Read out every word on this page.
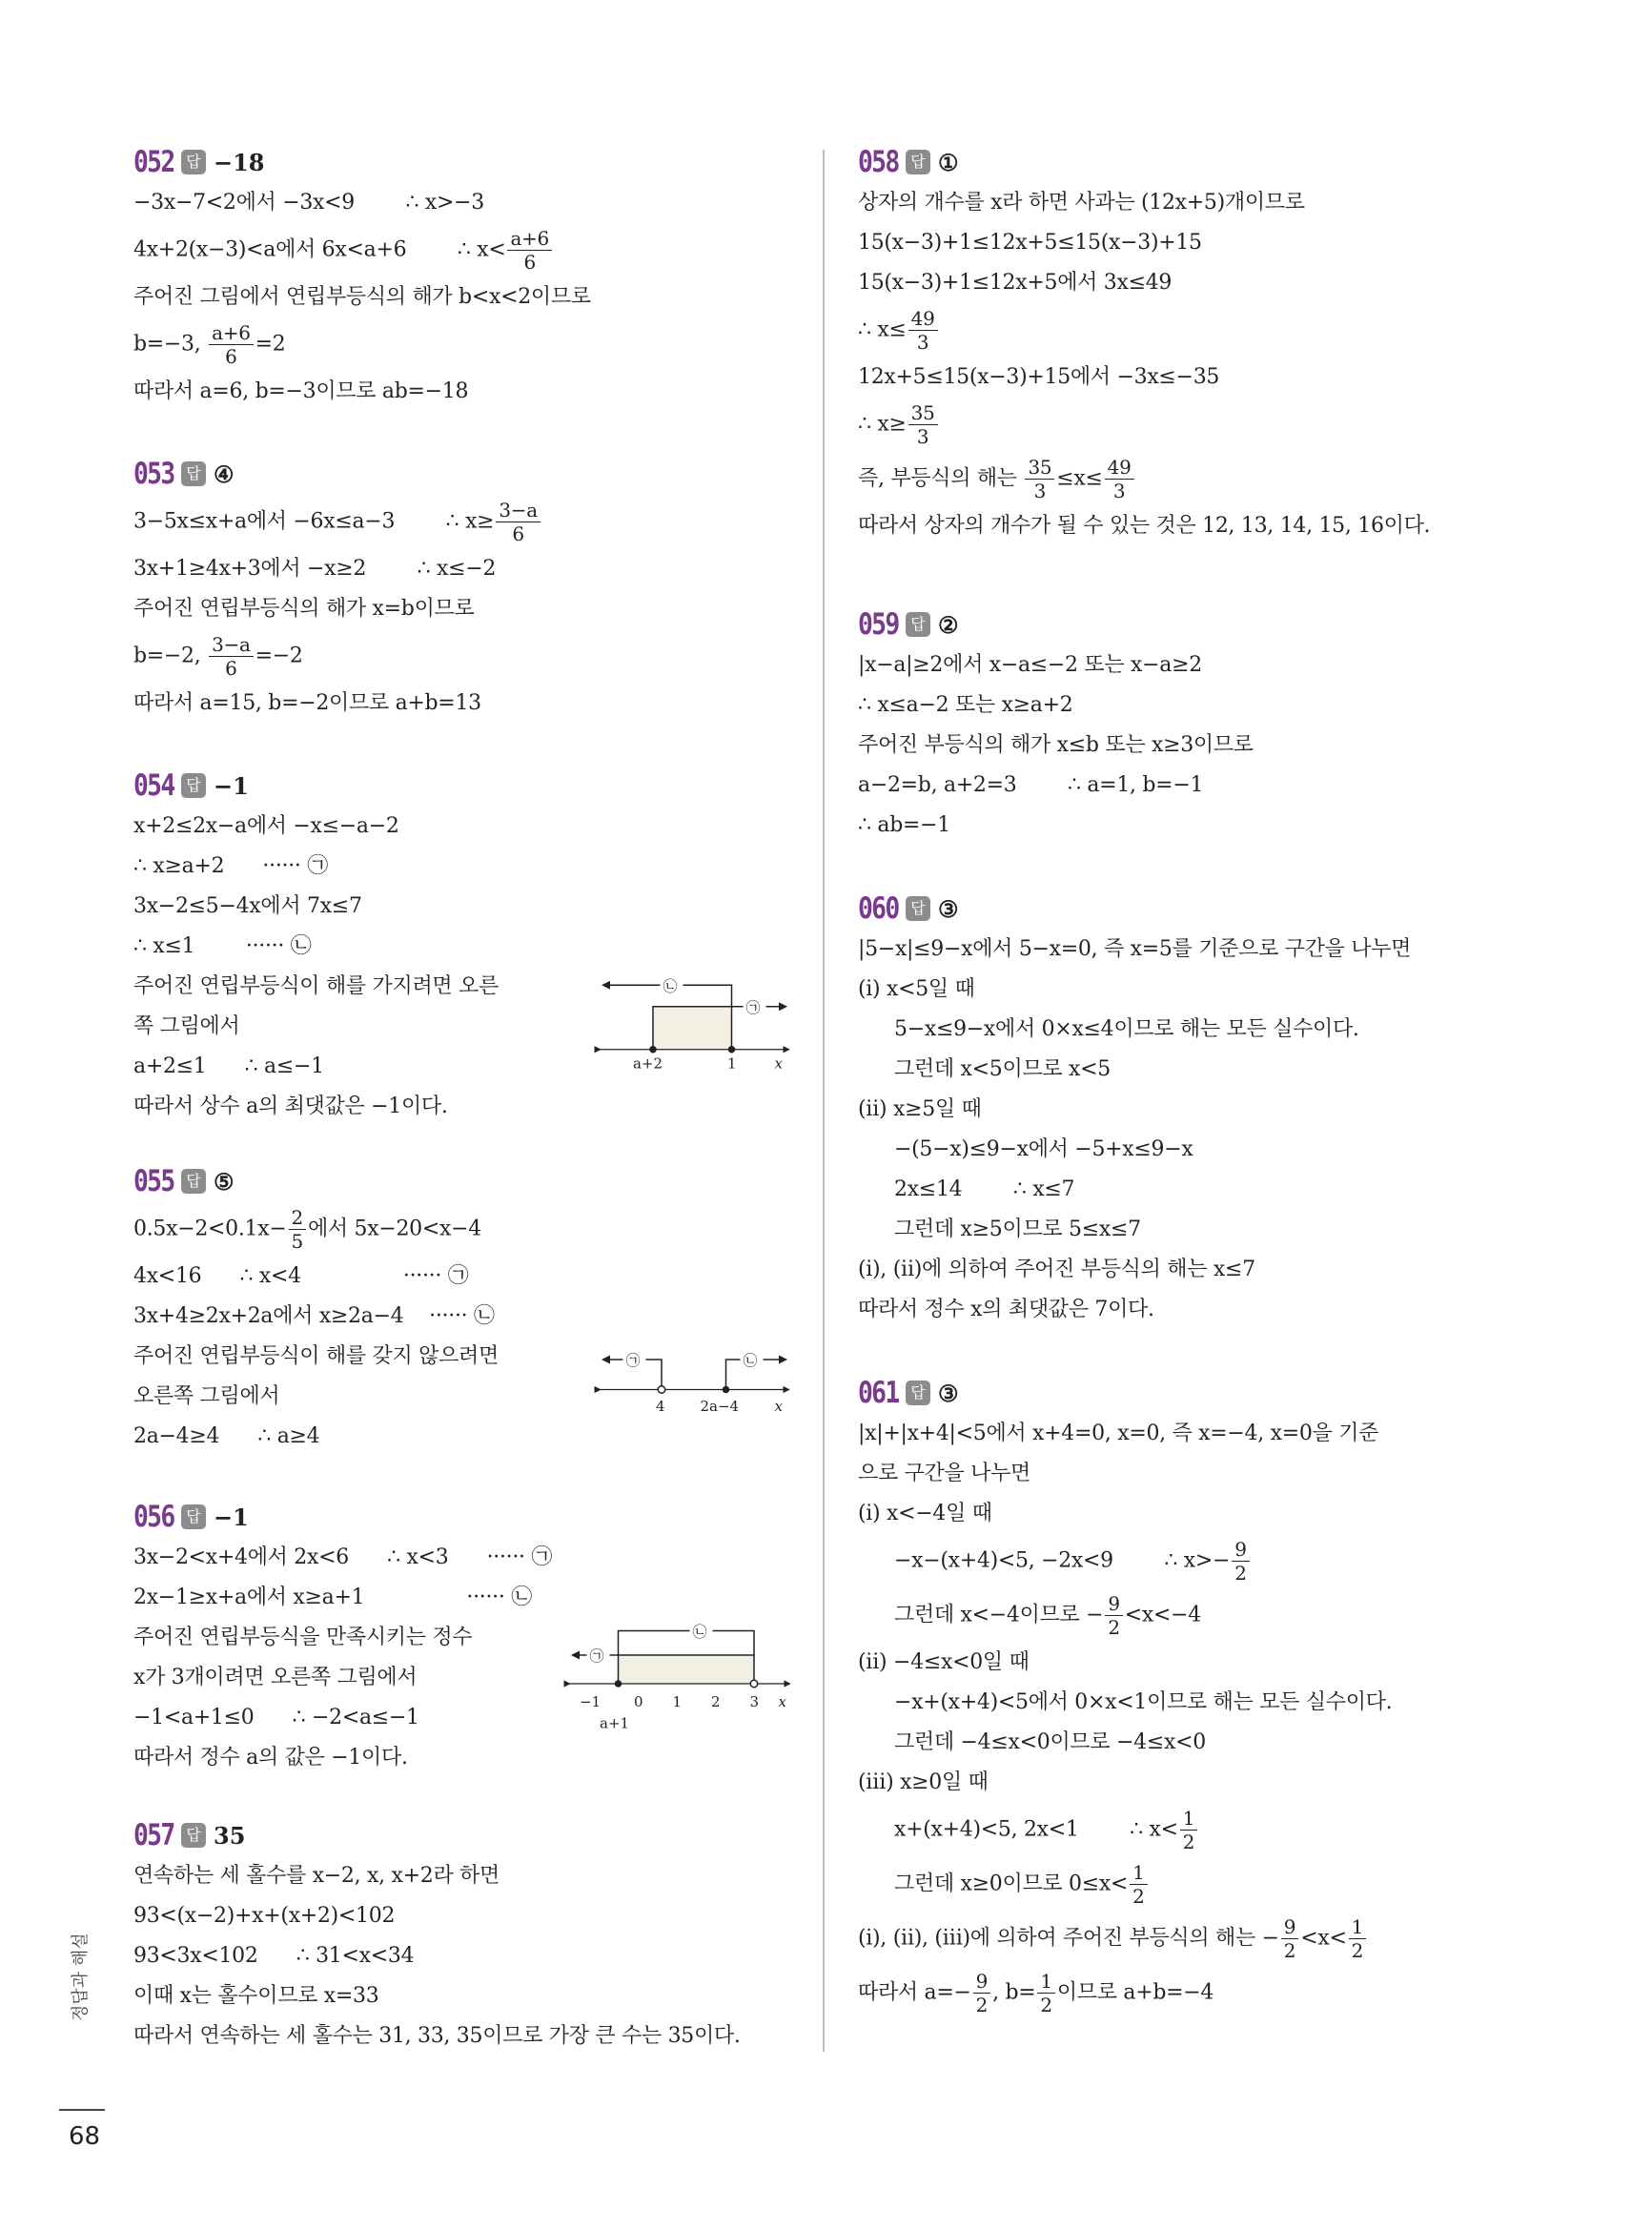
정답과 해설
68
052 답 −18
−3x−7<2에서 −3x<9        ∴ x>−3
4x+2(x−3)<a에서 6x<a+6        ∴ $x< \frac{a+6}{6}$
주어진 그림에서 연립부등식의 해가 b<x<2이므로
b=−3, $\frac{a+6}{6} =2$
따라서 a=6, b=−3이므로 ab=−18
053 답 ④
3−5x≤x+a에서 −6x≤a−3        ∴ $x\ge \frac{3-a}{6}$
3x+1≥4x+3에서 −x≥2        ∴ x≤−2
주어진 연립부등식의 해가 x=b이므로
b=−2, $\frac{3-a}{6} =-2$
따라서 a=15, b=−2이므로 a+b=13
054 답 −1
x+2≤2x−a에서 −x≤−a−2
∴ x≥a+2      ······ ㉠
3x−2≤5−4x에서 7x≤7
∴ x≤1        ······ ㉡
주어진 연립부등식이 해를 가지려면 오른
쪽 그림에서
a+2≤1      ∴ a≤−1
따라서 상수 a의 최댓값은 −1이다.
055 답 ⑤
$0.5x-2<0.1x- \frac{2}{5}$ 에서 5x−20<x−4
4x<16      ∴ x<4                ······ ㉠
3x+4≥2x+2a에서 x≥2a−4    ······ ㉡
주어진 연립부등식이 해를 갖지 않으려면
오른쪽 그림에서
2a−4≥4      ∴ a≥4
056 답 −1
3x−2<x+4에서 2x<6      ∴ x<3      ······ ㉠
2x−1≥x+a에서 x≥a+1                ······ ㉡
주어진 연립부등식을 만족시키는 정수
x가 3개이려면 오른쪽 그림에서
−1<a+1≤0      ∴ −2<a≤−1
따라서 정수 a의 값은 −1이다.
057 답 35
연속하는 세 홀수를 x−2, x, x+2라 하면
93<(x−2)+x+(x+2)<102
93<3x<102      ∴ 31<x<34
이때 x는 홀수이므로 x=33
따라서 연속하는 세 홀수는 31, 33, 35이므로 가장 큰 수는 35이다.
058 답 ①
상자의 개수를 x라 하면 사과는 (12x+5)개이므로
15(x−3)+1≤12x+5≤15(x−3)+15
15(x−3)+1≤12x+5에서 3x≤49
∴ $x\le \frac{49}{3}$
12x+5≤15(x−3)+15에서 −3x≤−35
∴ $x\ge \frac{35}{3}$
즉, 부등식의 해는 $\frac{35}{3} \le x\le \frac{49}{3}$
따라서 상자의 개수가 될 수 있는 것은 12, 13, 14, 15, 16이다.
059 답 ②
|x−a|≥2에서 x−a≤−2 또는 x−a≥2
∴ x≤a−2 또는 x≥a+2
주어진 부등식의 해가 x≤b 또는 x≥3이므로
a−2=b, a+2=3        ∴ a=1, b=−1
∴ ab=−1
060 답 ③
|5−x|≤9−x에서 5−x=0, 즉 x=5를 기준으로 구간을 나누면
(ⅰ) x<5일 때
5−x≤9−x에서 0×x≤4이므로 해는 모든 실수이다.
그런데 x<5이므로 x<5
(ⅱ) x≥5일 때
−(5−x)≤9−x에서 −5+x≤9−x
2x≤14        ∴ x≤7
그런데 x≥5이므로 5≤x≤7
(ⅰ), (ⅱ)에 의하여 주어진 부등식의 해는 x≤7
따라서 정수 x의 최댓값은 7이다.
061 답 ③
|x|+|x+4|<5에서 x+4=0, x=0, 즉 x=−4, x=0을 기준
으로 구간을 나누면
(ⅰ) x<−4일 때
−x−(x+4)<5, −2x<9        ∴ $x>- \frac{9}{2}$
그런데 x<−4이므로 − $\frac{9}{2} <x<-4$
(ⅱ) −4≤x<0일 때
−x+(x+4)<5에서 0×x<1이므로 해는 모든 실수이다.
그런데 −4≤x<0이므로 −4≤x<0
(ⅲ) x≥0일 때
x+(x+4)<5, 2x<1        ∴ $x< \frac{1}{2}$
그런데 x≥0이므로 $0\le x< \frac{1}{2}$
(ⅰ), (ⅱ), (ⅲ)에 의하여 주어진 부등식의 해는 − $\frac{9}{2} <x< \frac{1}{2}$
따라서 $a=- \frac{9}{2}$ , $b= \frac{1}{2}$ 이므로 a+b=−4
㉠
㉡
a+2	1	x
㉠	㉡
4	2a−4	x
㉠
㉡
−1	0	1	2	3 x
a+1
